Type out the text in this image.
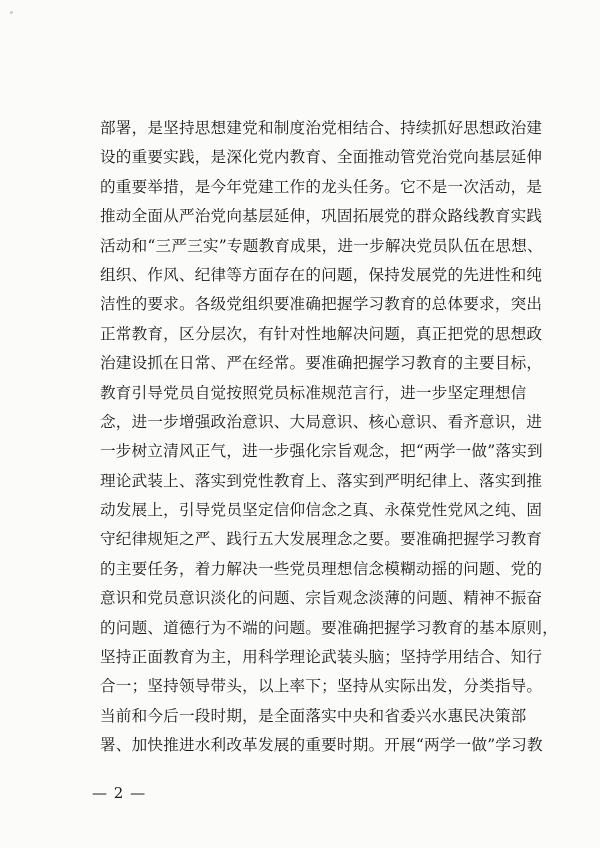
部署，是坚持思想建党和制度治党相结合、持续抓好思想政治建
设的重要实践，是深化党内教育、全面推动管党治党向基层延伸
的重要举措，是今年党建工作的龙头任务。它不是一次活动，是
推动全面从严治党向基层延伸，巩固拓展党的群众路线教育实践
活动和“三严三实”专题教育成果，进一步解决党员队伍在思想、
组织、作风、纪律等方面存在的问题，保持发展党的先进性和纯
洁性的要求。各级党组织要准确把握学习教育的总体要求，突出
正常教育，区分层次，有针对性地解决问题，真正把党的思想政
治建设抓在日常、严在经常。要准确把握学习教育的主要目标，
教育引导党员自觉按照党员标准规范言行，进一步坚定理想信
念，进一步增强政治意识、大局意识、核心意识、看齐意识，进
一步树立清风正气，进一步强化宗旨观念，把“两学一做”落实到
理论武装上、落实到党性教育上、落实到严明纪律上、落实到推
动发展上，引导党员坚定信仰信念之真、永葆党性党风之纯、固
守纪律规矩之严、践行五大发展理念之要。要准确把握学习教育
的主要任务，着力解决一些党员理想信念模糊动摇的问题、党的
意识和党员意识淡化的问题、宗旨观念淡薄的问题、精神不振奋
的问题、道德行为不端的问题。要准确把握学习教育的基本原则，
坚持正面教育为主，用科学理论武装头脑；坚持学用结合、知行
合一；坚持领导带头，以上率下；坚持从实际出发，分类指导。
当前和今后一段时期，是全面落实中央和省委兴水惠民决策部
署、加快推进水利改革发展的重要时期。开展“两学一做”学习教
— 2 —
